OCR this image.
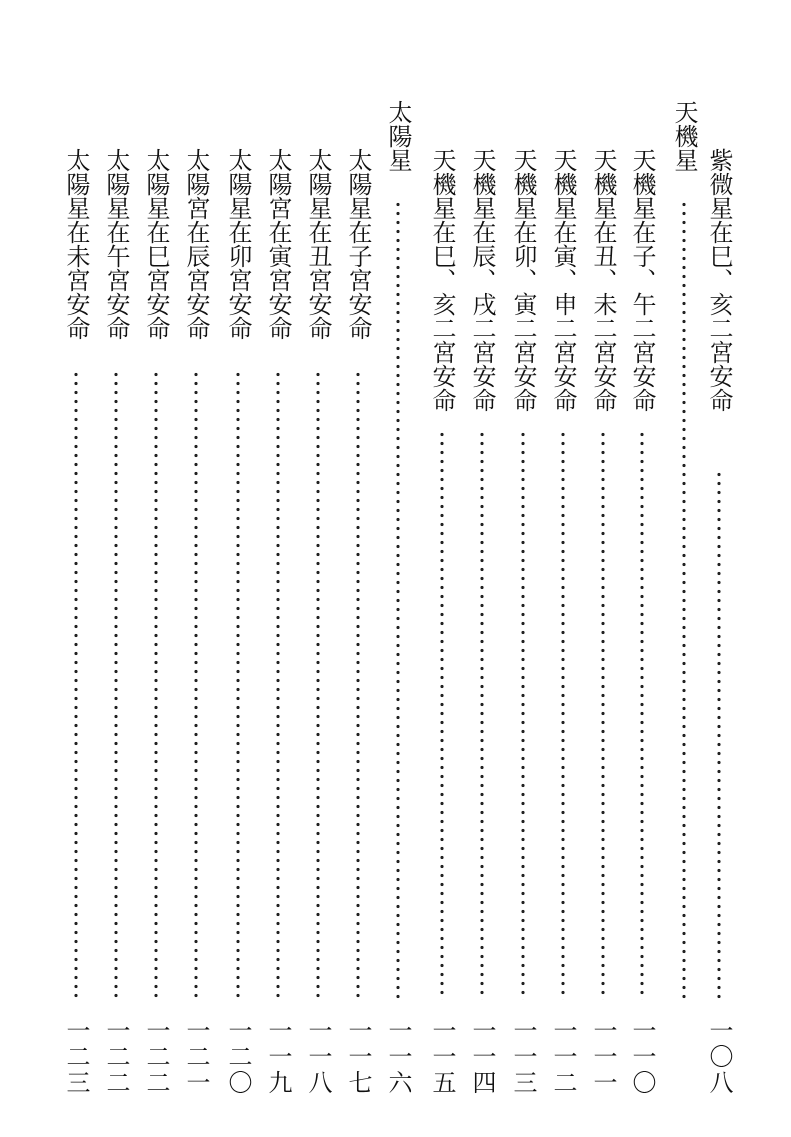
紫微星在巳、亥二宮安命
一〇八
天機星
天機星在子、午二宮安命
一一〇
天機星在丑、未二宮安命
一一一
天機星在寅、申二宮安命
一一二
天機星在卯、寅二宮安命
一一三
天機星在辰、戌二宮安命
一一四
天機星在巳、亥二宮安命
一一五
太陽星
一一六
太陽星在子宮安命
一一七
太陽星在丑宮安命
一一八
太陽宮在寅宮安命
一一九
太陽星在卯宮安命
一二〇
太陽宮在辰宮安命
一二一
太陽星在巳宮安命
一二二
太陽星在午宮安命
一二二
太陽星在未宮安命
一二三
